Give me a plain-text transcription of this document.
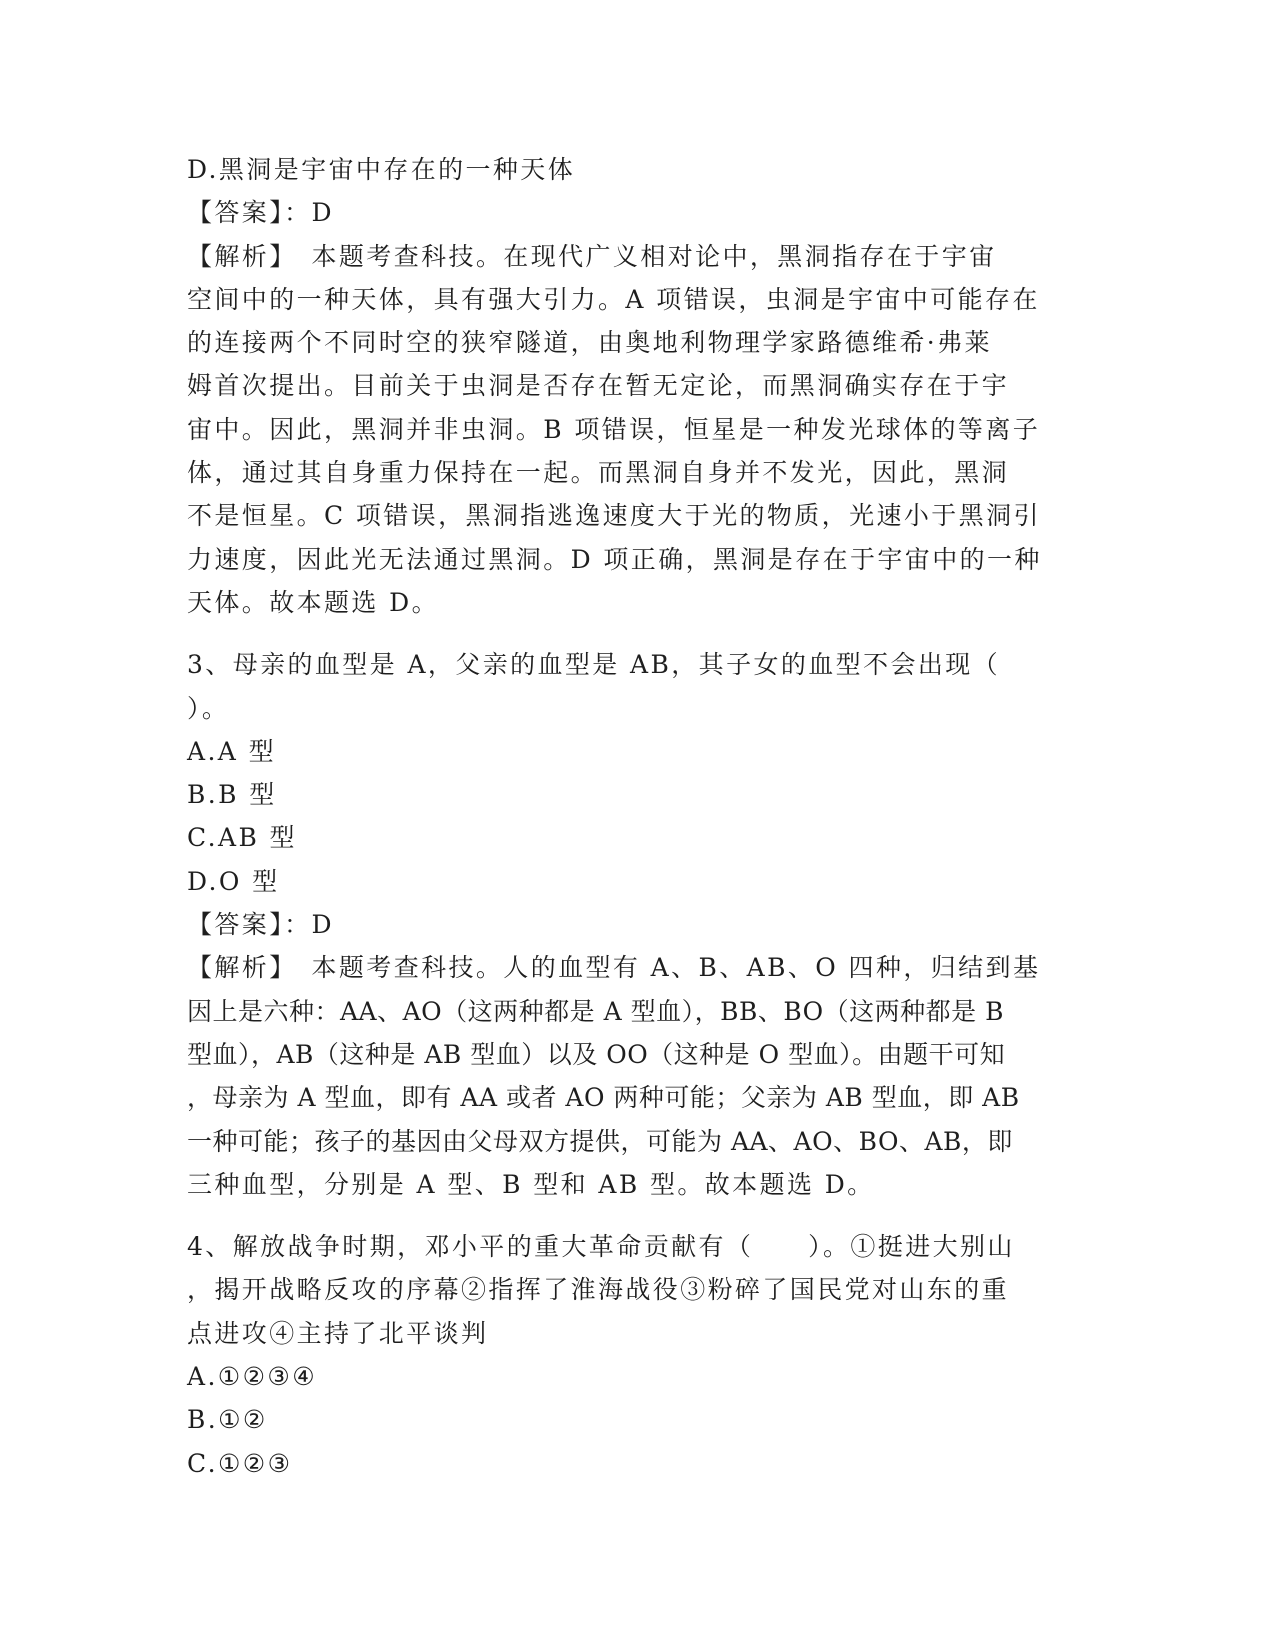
D.黑洞是宇宙中存在的一种天体
【答案】：D
【解析】　本题考查科技。在现代广义相对论中，黑洞指存在于宇宙
空间中的一种天体，具有强大引力。A 项错误，虫洞是宇宙中可能存在
的连接两个不同时空的狭窄隧道，由奥地利物理学家路德维希·弗莱
姆首次提出。目前关于虫洞是否存在暂无定论，而黑洞确实存在于宇
宙中。因此，黑洞并非虫洞。B 项错误，恒星是一种发光球体的等离子
体，通过其自身重力保持在一起。而黑洞自身并不发光，因此，黑洞
不是恒星。C 项错误，黑洞指逃逸速度大于光的物质，光速小于黑洞引
力速度，因此光无法通过黑洞。D 项正确，黑洞是存在于宇宙中的一种
天体。故本题选 D。
3、母亲的血型是 A，父亲的血型是 AB，其子女的血型不会出现（
）。
A.A 型
B.B 型
C.AB 型
D.O 型
【答案】：D
【解析】　本题考查科技。人的血型有 A、B、AB、O 四种，归结到基
因上是六种：AA、AO（这两种都是 A 型血），BB、BO（这两种都是 B
型血），AB（这种是 AB 型血）以及 OO（这种是 O 型血）。由题干可知
，母亲为 A 型血，即有 AA 或者 AO 两种可能；父亲为 AB 型血，即 AB
一种可能；孩子的基因由父母双方提供，可能为 AA、AO、BO、AB，即
三种血型，分别是 A 型、B 型和 AB 型。故本题选 D。
4、解放战争时期，邓小平的重大革命贡献有（　　）。①挺进大别山
，揭开战略反攻的序幕②指挥了淮海战役③粉碎了国民党对山东的重
点进攻④主持了北平谈判
A.①②③④
B.①②
C.①②③
